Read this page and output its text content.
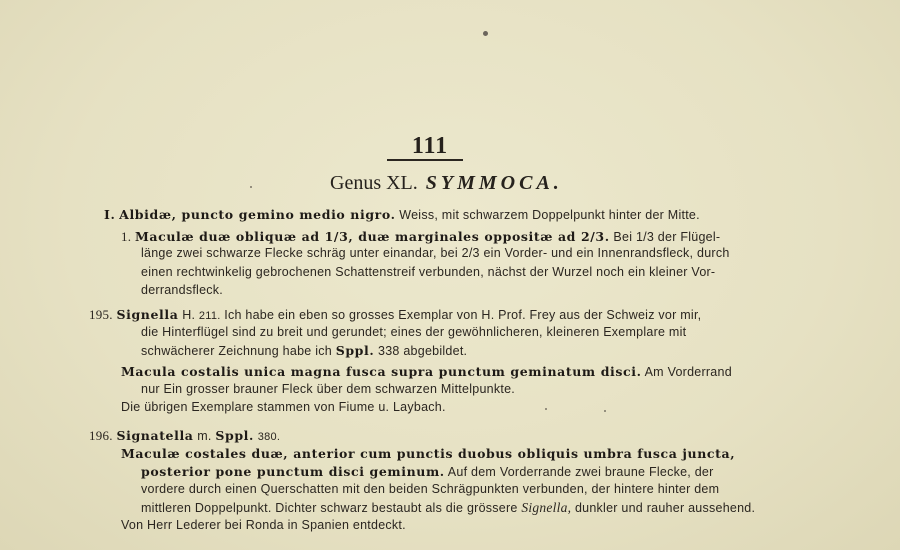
111
Genus XL. SYMMOCA.
I. Albidæ, puncto gemino medio nigro. Weiss, mit schwarzem Doppelpunkt hinter der Mitte.
1. Maculæ duæ obliquæ ad 1/3, duæ marginales oppositæ ad 2/3. Bei 1/3 der Flügel-
länge zwei schwarze Flecke schräg unter einandar, bei 2/3 ein Vorder- und ein Innenrandsfleck, durch
einen rechtwinkelig gebrochenen Schattenstreif verbunden, nächst der Wurzel noch ein kleiner Vor-
derrandsfleck.
195. Signella H. 211. Ich habe ein eben so grosses Exemplar von H. Prof. Frey aus der Schweiz vor mir,
die Hinterflügel sind zu breit und gerundet; eines der gewöhnlicheren, kleineren Exemplare mit
schwächerer Zeichnung habe ich Sppl. 338 abgebildet.
Macula costalis unica magna fusca supra punctum geminatum disci. Am Vorderrand
nur Ein grosser brauner Fleck über dem schwarzen Mittelpunkte.
Die übrigen Exemplare stammen von Fiume u. Laybach.
196. Signatella m. Sppl. 380.
Maculæ costales duæ, anterior cum punctis duobus obliquis umbra fusca juncta,
posterior pone punctum disci geminum. Auf dem Vorderrande zwei braune Flecke, der
vordere durch einen Querschatten mit den beiden Schrägpunkten verbunden, der hintere hinter dem
mittleren Doppelpunkt. Dichter schwarz bestaubt als die grössere Signella, dunkler und rauher aussehend.
Von Herr Lederer bei Ronda in Spanien entdeckt.
